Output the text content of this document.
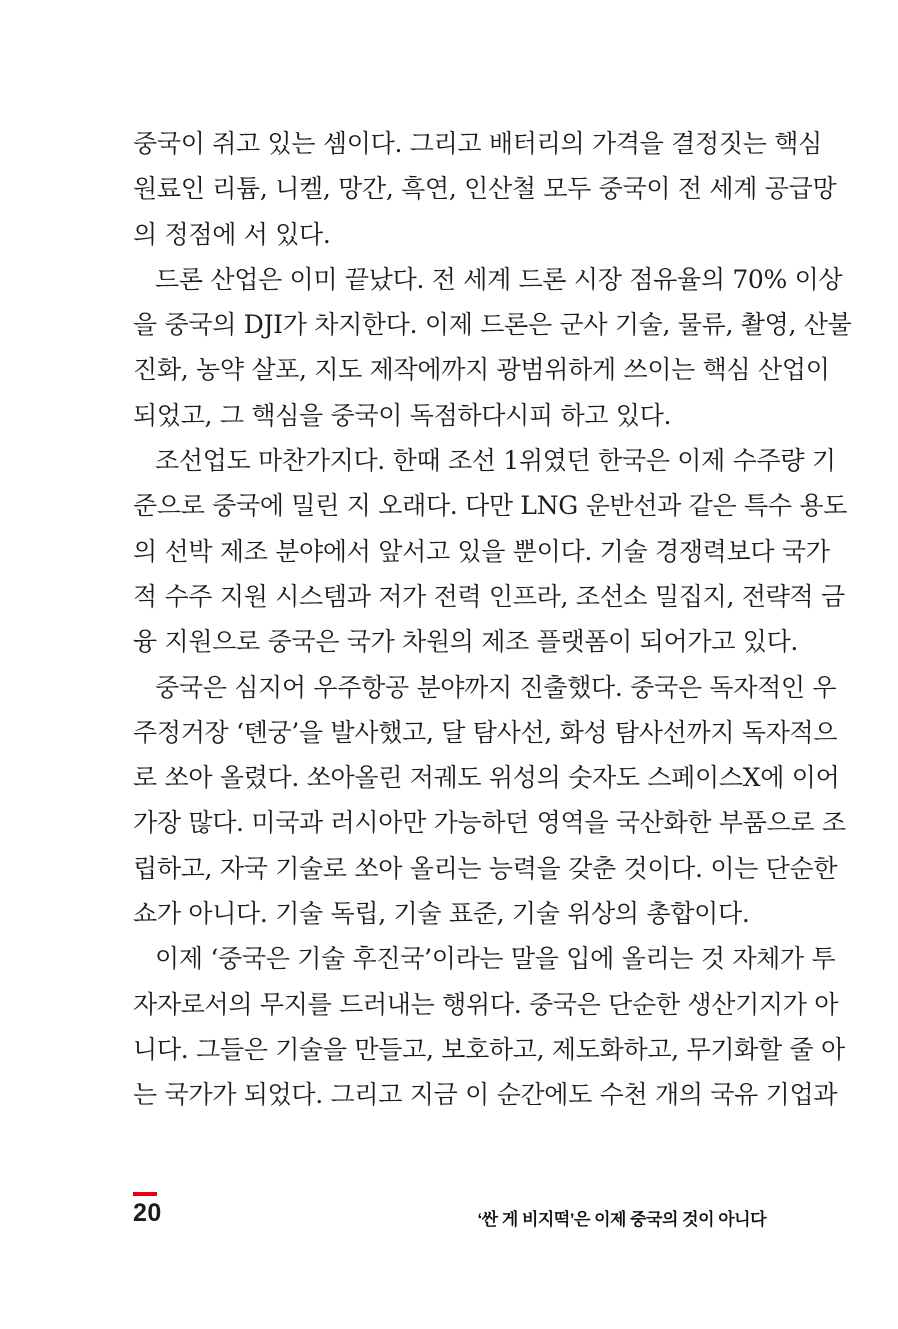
중국이 쥐고 있는 셈이다. 그리고 배터리의 가격을 결정짓는 핵심

원료인 리튬, 니켈, 망간, 흑연, 인산철 모두 중국이 전 세계 공급망

의 정점에 서 있다.

드론 산업은 이미 끝났다. 전 세계 드론 시장 점유율의 70% 이상

을 중국의 DJI가 차지한다. 이제 드론은 군사 기술, 물류, 촬영, 산불

진화, 농약 살포, 지도 제작에까지 광범위하게 쓰이는 핵심 산업이

되었고, 그 핵심을 중국이 독점하다시피 하고 있다.

조선업도 마찬가지다. 한때 조선 1위였던 한국은 이제 수주량 기

준으로 중국에 밀린 지 오래다. 다만 LNG 운반선과 같은 특수 용도

의 선박 제조 분야에서 앞서고 있을 뿐이다. 기술 경쟁력보다 국가

적 수주 지원 시스템과 저가 전력 인프라, 조선소 밀집지, 전략적 금

융 지원으로 중국은 국가 차원의 제조 플랫폼이 되어가고 있다.

중국은 심지어 우주항공 분야까지 진출했다. 중국은 독자적인 우

주정거장 ‘톈궁’을 발사했고, 달 탐사선, 화성 탐사선까지 독자적으

로 쏘아 올렸다. 쏘아올린 저궤도 위성의 숫자도 스페이스X에 이어

가장 많다. 미국과 러시아만 가능하던 영역을 국산화한 부품으로 조

립하고, 자국 기술로 쏘아 올리는 능력을 갖춘 것이다. 이는 단순한

쇼가 아니다. 기술 독립, 기술 표준, 기술 위상의 총합이다.

이제 ‘중국은 기술 후진국’이라는 말을 입에 올리는 것 자체가 투

자자로서의 무지를 드러내는 행위다. 중국은 단순한 생산기지가 아

니다. 그들은 기술을 만들고, 보호하고, 제도화하고, 무기화할 줄 아

는 국가가 되었다. 그리고 지금 이 순간에도 수천 개의 국유 기업과

20	‘싼 게 비지떡’은 이제 중국의 것이 아니다
